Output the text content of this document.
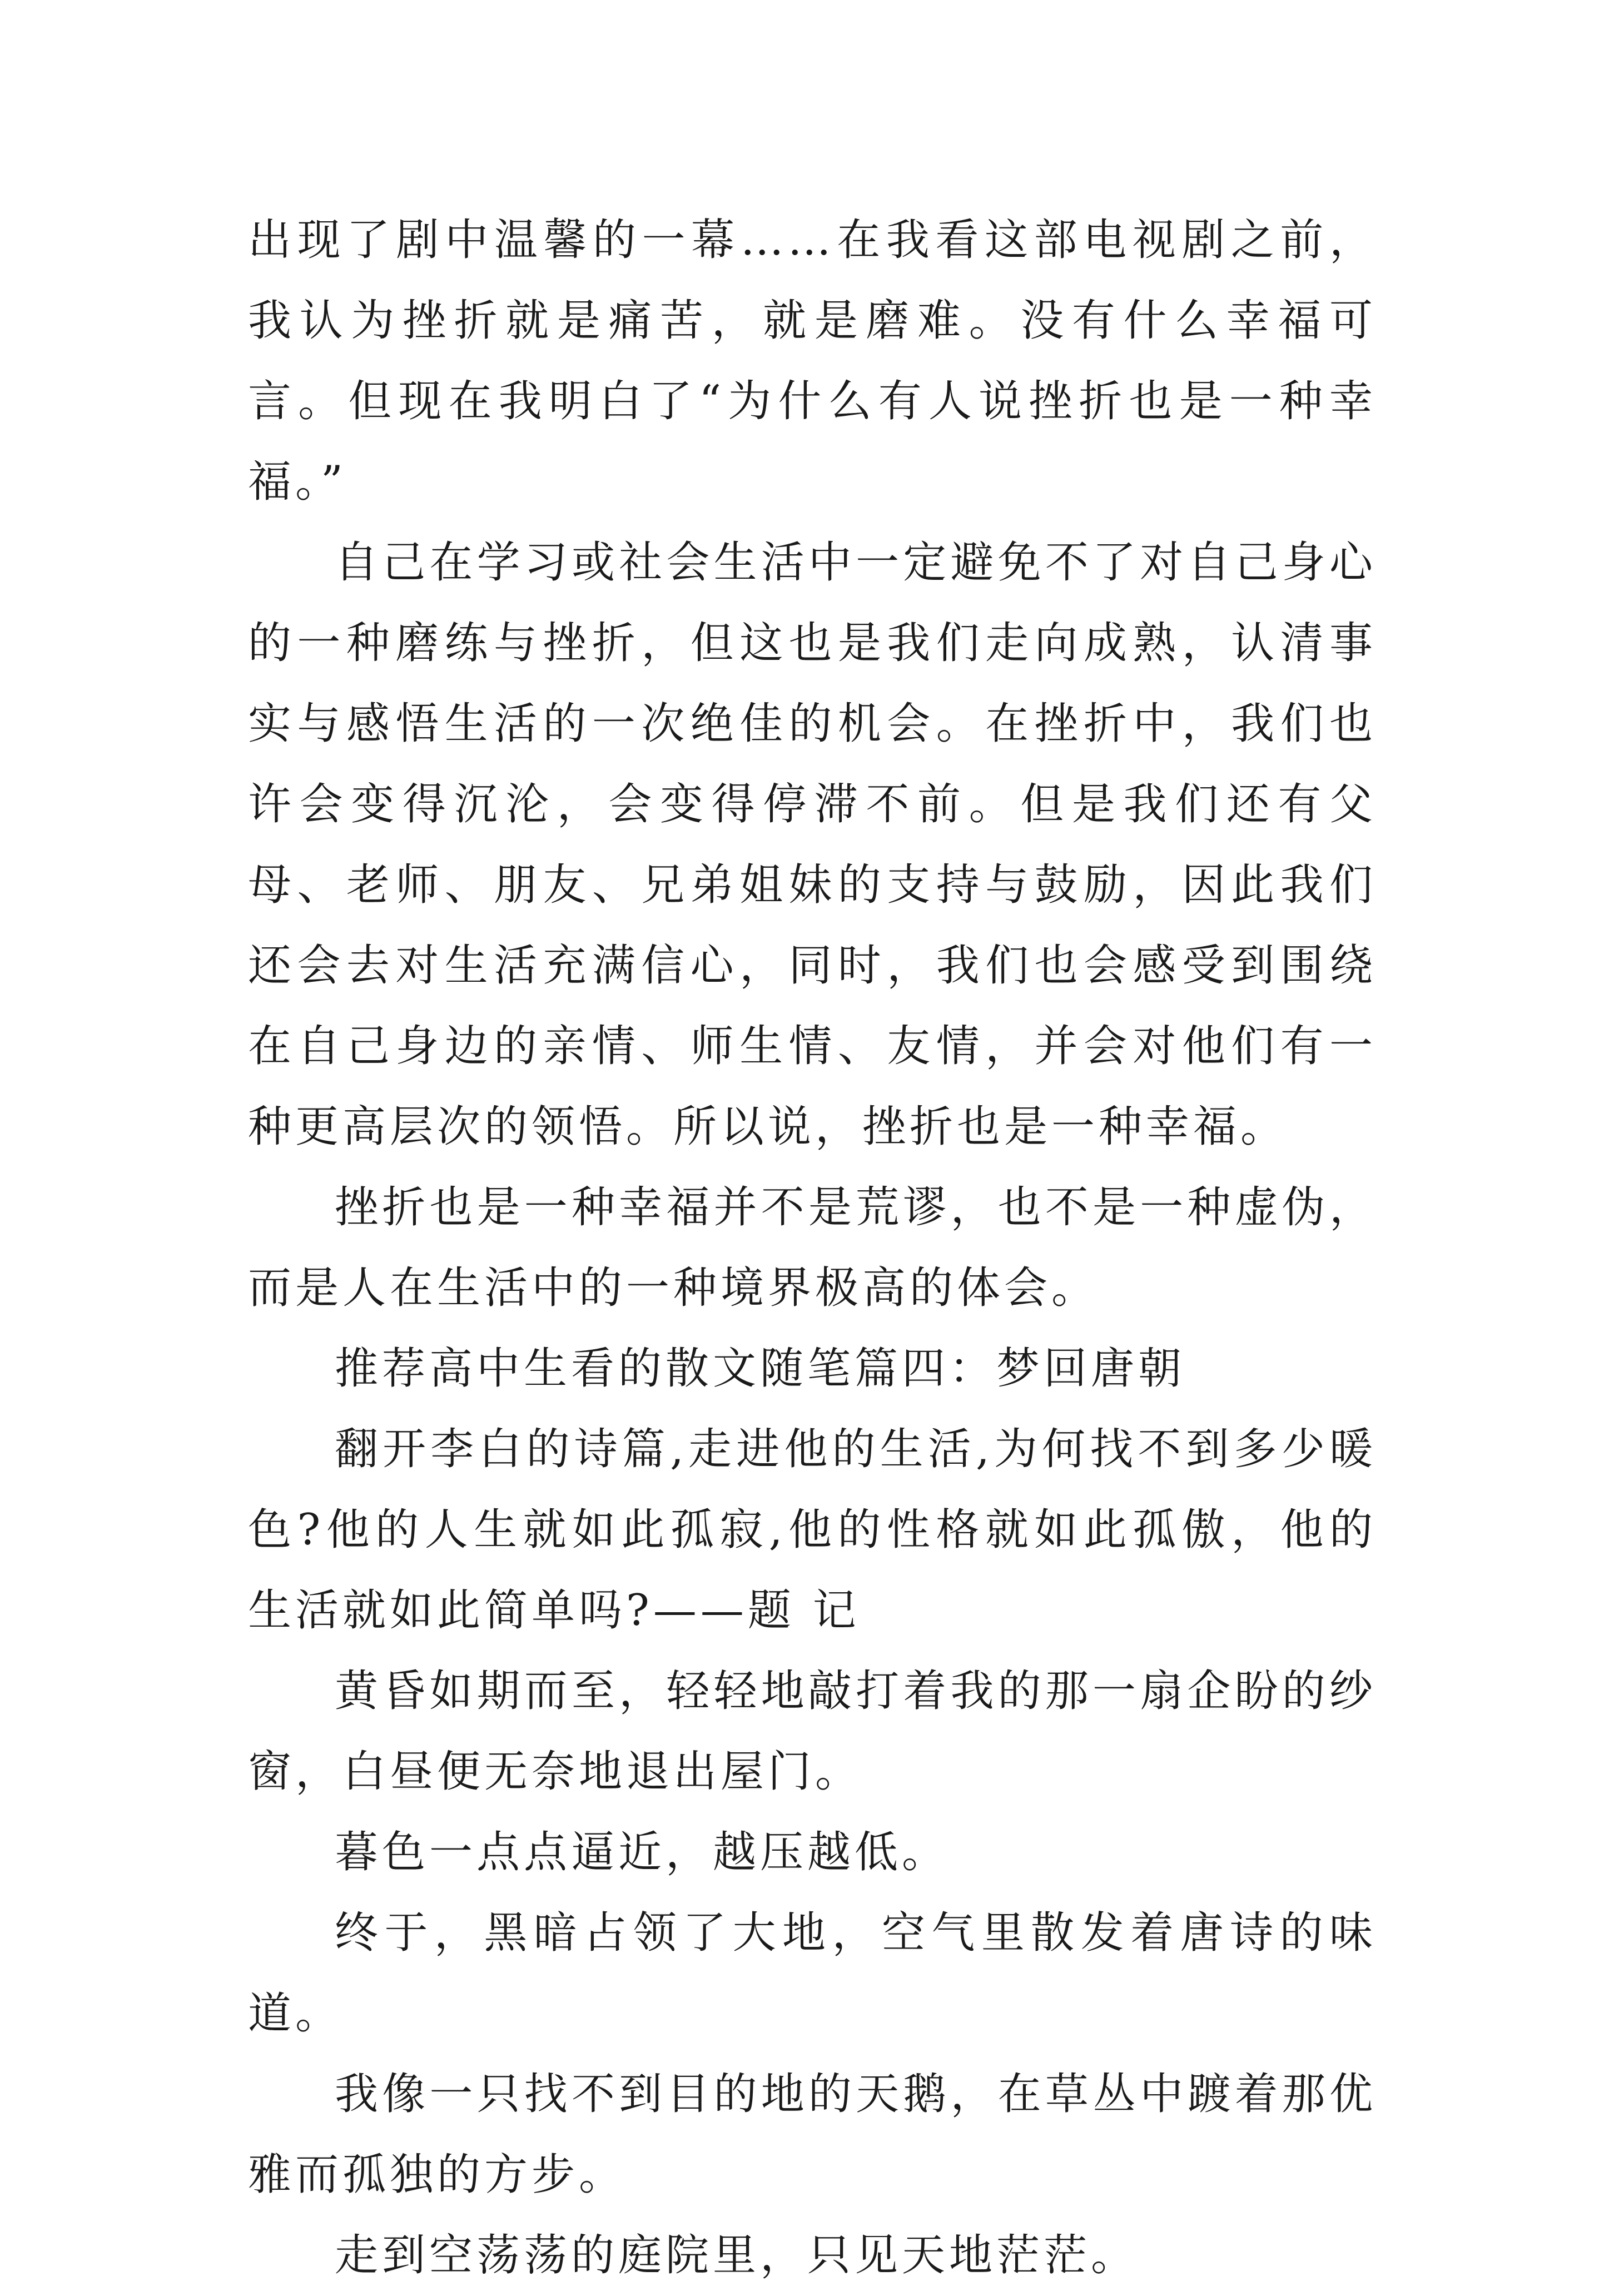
出现了剧中温馨的一幕……在我看这部电视剧之前，我认为挫折就是痛苦，就是磨难。没有什么幸福可言。但现在我明白了“为什么有人说挫折也是一种幸福。”

自己在学习或社会生活中一定避免不了对自己身心的一种磨练与挫折，但这也是我们走向成熟，认清事实与感悟生活的一次绝佳的机会。在挫折中，我们也许会变得沉沦，会变得停滞不前。但是我们还有父母、老师、朋友、兄弟姐妹的支持与鼓励，因此我们还会去对生活充满信心，同时，我们也会感受到围绕在自己身边的亲情、师生情、友情，并会对他们有一种更高层次的领悟。所以说，挫折也是一种幸福。

挫折也是一种幸福并不是荒谬，也不是一种虚伪，而是人在生活中的一种境界极高的体会。

推荐高中生看的散文随笔篇四：梦回唐朝

翻开李白的诗篇,走进他的生活,为何找不到多少暖色?他的人生就如此孤寂,他的性格就如此孤傲，他的生活就如此简单吗?——题 记

黄昏如期而至，轻轻地敲打着我的那一扇企盼的纱窗，白昼便无奈地退出屋门。

暮色一点点逼近，越压越低。

终于，黑暗占领了大地，空气里散发着唐诗的味道。

我像一只找不到目的地的天鹅，在草丛中踱着那优雅而孤独的方步。

走到空荡荡的庭院里，只见天地茫茫。
